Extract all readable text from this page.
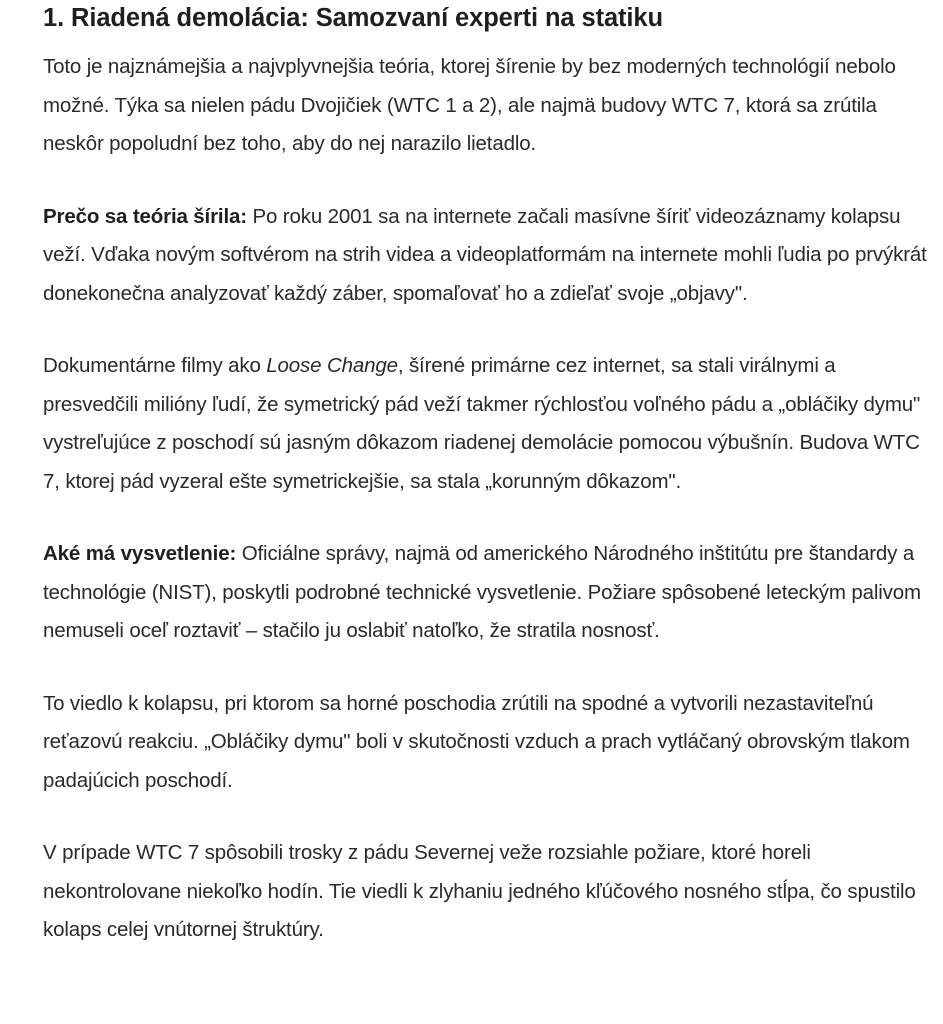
1. Riadená demolácia: Samozvaní experti na statiku

Toto je najznámejšia a najvplyvnejšia teória, ktorej šírenie by bez moderných technológií nebolo možné. Týka sa nielen pádu Dvojičiek (WTC 1 a 2), ale najmä budovy WTC 7, ktorá sa zrútila neskôr popoludní bez toho, aby do nej narazilo lietadlo.

Prečo sa teória šírila: Po roku 2001 sa na internete začali masívne šíriť videozáznamy kolapsu veží. Vďaka novým softvérom na strih videa a videoplatformám na internete mohli ľudia po prvýkrát donekonečna analyzovať každý záber, spomaľovať ho a zdieľať svoje „objavy".

Dokumentárne filmy ako Loose Change, šírené primárne cez internet, sa stali virálnymi a presvedčili milióny ľudí, že symetrický pád veží takmer rýchlosťou voľného pádu a „obláčiky dymu" vystreľujúce z poschodí sú jasným dôkazom riadenej demolácie pomocou výbušnín. Budova WTC 7, ktorej pád vyzeral ešte symetrickejšie, sa stala „korunným dôkazom".

Aké má vysvetlenie: Oficiálne správy, najmä od amerického Národného inštitútu pre štandardy a technológie (NIST), poskytli podrobné technické vysvetlenie. Požiare spôsobené leteckým palivom nemuseli oceľ roztaviť – stačilo ju oslabiť natoľko, že stratila nosnosť.

To viedlo k kolapsu, pri ktorom sa horné poschodia zrútili na spodné a vytvorili nezastaviteľnú reťazovú reakciu. „Obláčiky dymu" boli v skutočnosti vzduch a prach vytláčaný obrovským tlakom padajúcich poschodí.

V prípade WTC 7 spôsobili trosky z pádu Severnej veže rozsiahle požiare, ktoré horeli nekontrolovane niekoľko hodín. Tie viedli k zlyhaniu jedného kľúčového nosného stĺpa, čo spustilo kolaps celej vnútornej štruktúry.
